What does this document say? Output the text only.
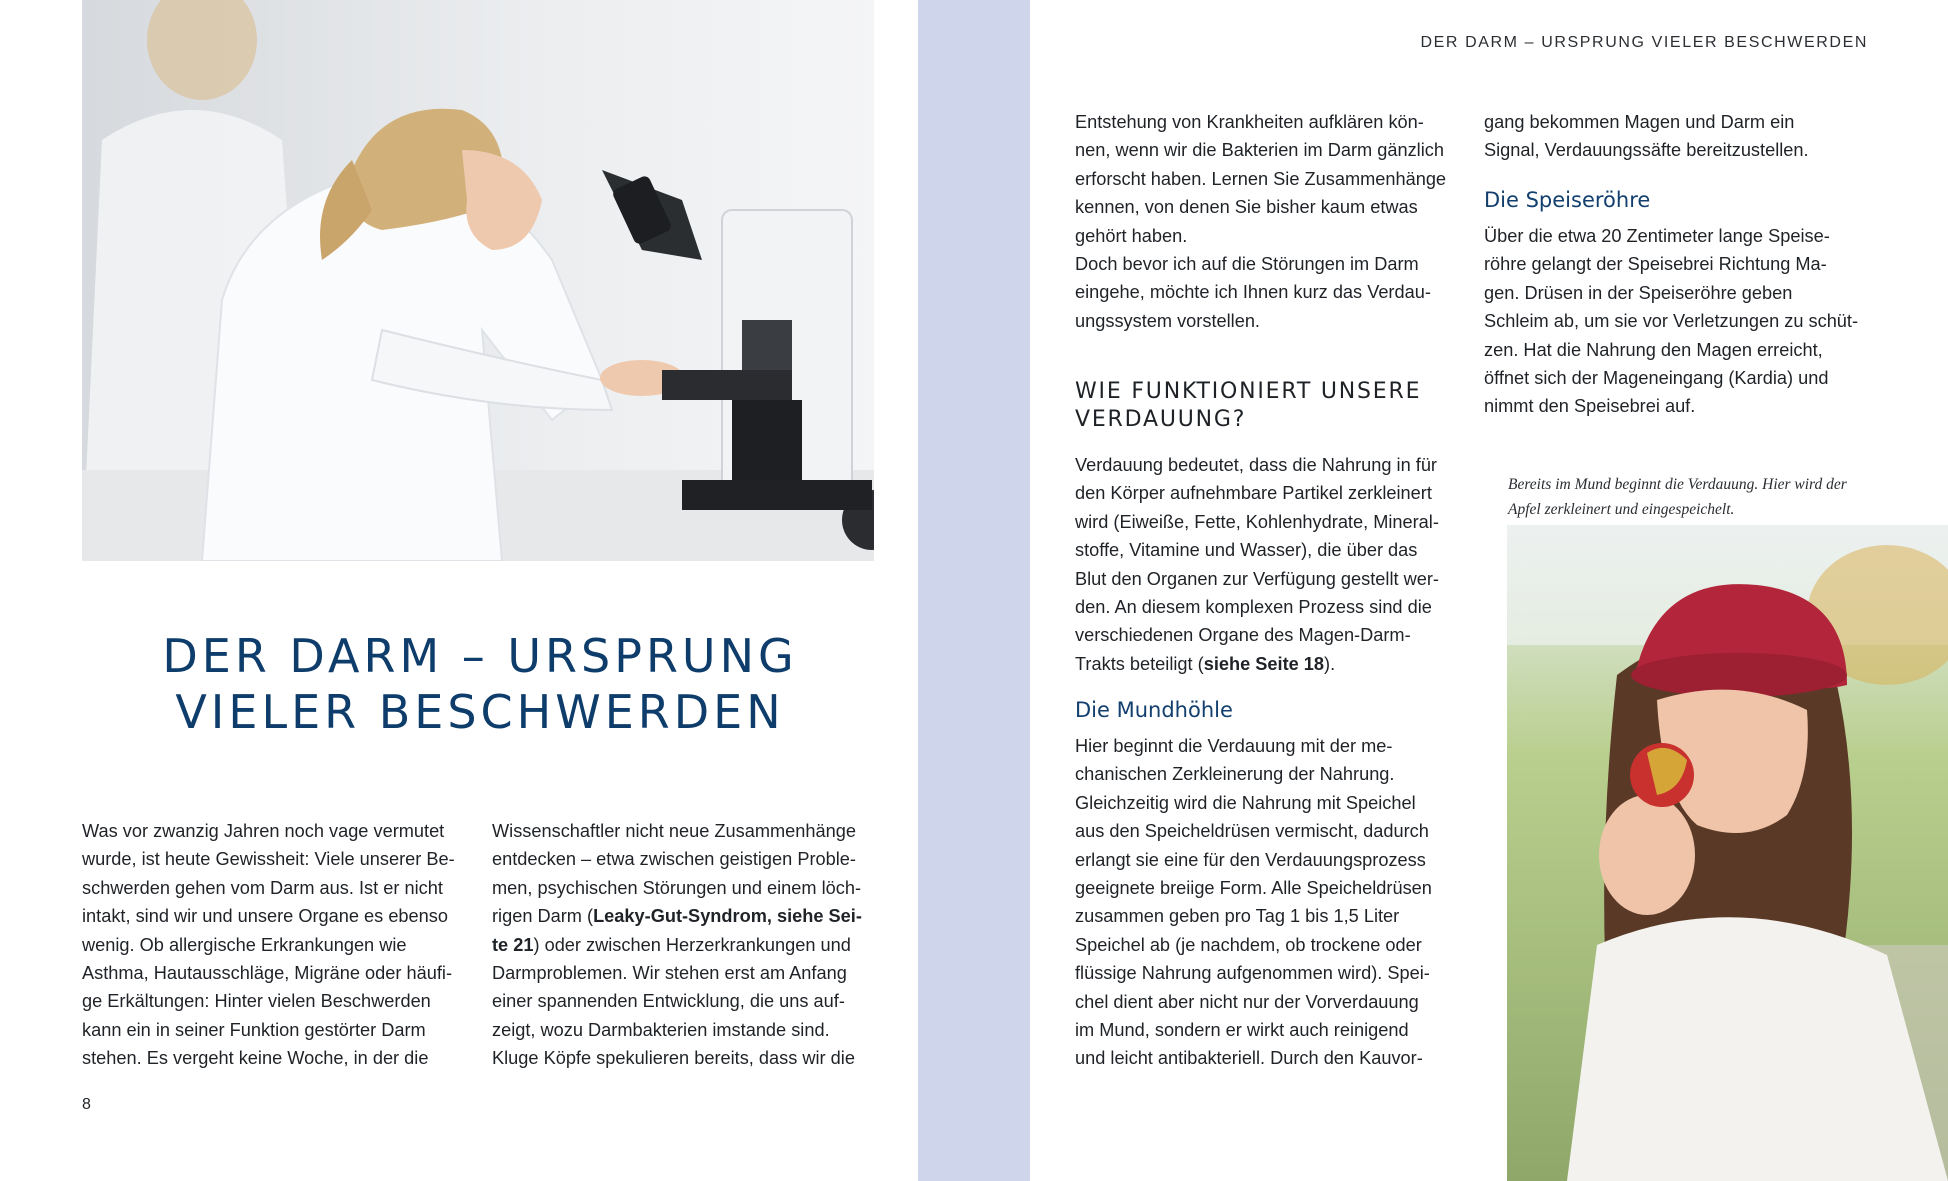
DER DARM – URSPRUNG VIELER BESCHWERDEN

Was vor zwanzig Jahren noch vage vermutet
wurde, ist heute Gewissheit: Viele unserer Be-
schwerden gehen vom Darm aus. Ist er nicht
intakt, sind wir und unsere Organe es ebenso
wenig. Ob allergische Erkrankungen wie
Asthma, Hautausschläge, Migräne oder häufi-
ge Erkältungen: Hinter vielen Beschwerden
kann ein in seiner Funktion gestörter Darm
stehen. Es vergeht keine Woche, in der die

Wissenschaftler nicht neue Zusammenhänge
entdecken – etwa zwischen geistigen Proble-
men, psychischen Störungen und einem löch-
rigen Darm (Leaky-Gut-Syndrom, siehe Sei-
te 21) oder zwischen Herzerkrankungen und
Darmproblemen. Wir stehen erst am Anfang
einer spannenden Entwicklung, die uns auf-
zeigt, wozu Darmbakterien imstande sind.
Kluge Köpfe spekulieren bereits, dass wir die

8
DER DARM – URSPRUNG VIELER BESCHWERDEN

Entstehung von Krankheiten aufklären kön-
nen, wenn wir die Bakterien im Darm gänzlich
erforscht haben. Lernen Sie Zusammenhänge
kennen, von denen Sie bisher kaum etwas
gehört haben.
Doch bevor ich auf die Störungen im Darm
eingehe, möchte ich Ihnen kurz das Verdau-
ungssystem vorstellen.

WIE FUNKTIONIERT UNSERE
VERDAUUNG?

Verdauung bedeutet, dass die Nahrung in für
den Körper aufnehmbare Partikel zerkleinert
wird (Eiweiße, Fette, Kohlenhydrate, Mineral-
stoffe, Vitamine und Wasser), die über das
Blut den Organen zur Verfügung gestellt wer-
den. An diesem komplexen Prozess sind die
verschiedenen Organe des Magen-Darm-
Trakts beteiligt (siehe Seite 18).

Die Mundhöhle

Hier beginnt die Verdauung mit der me-
chanischen Zerkleinerung der Nahrung.
Gleichzeitig wird die Nahrung mit Speichel
aus den Speicheldrüsen vermischt, dadurch
erlangt sie eine für den Verdauungsprozess
geeignete breiige Form. Alle Speicheldrüsen
zusammen geben pro Tag 1 bis 1,5 Liter
Speichel ab (je nachdem, ob trockene oder
flüssige Nahrung aufgenommen wird). Spei-
chel dient aber nicht nur der Vorverdauung
im Mund, sondern er wirkt auch reinigend
und leicht antibakteriell. Durch den Kauvor-

gang bekommen Magen und Darm ein
Signal, Verdauungssäfte bereitzustellen.

Die Speiseröhre

Über die etwa 20 Zentimeter lange Speise-
röhre gelangt der Speisebrei Richtung Ma-
gen. Drüsen in der Speiseröhre geben
Schleim ab, um sie vor Verletzungen zu schüt-
zen. Hat die Nahrung den Magen erreicht,
öffnet sich der Mageneingang (Kardia) und
nimmt den Speisebrei auf.

Bereits im Mund beginnt die Verdauung. Hier wird der
Apfel zerkleinert und eingespeichelt.
